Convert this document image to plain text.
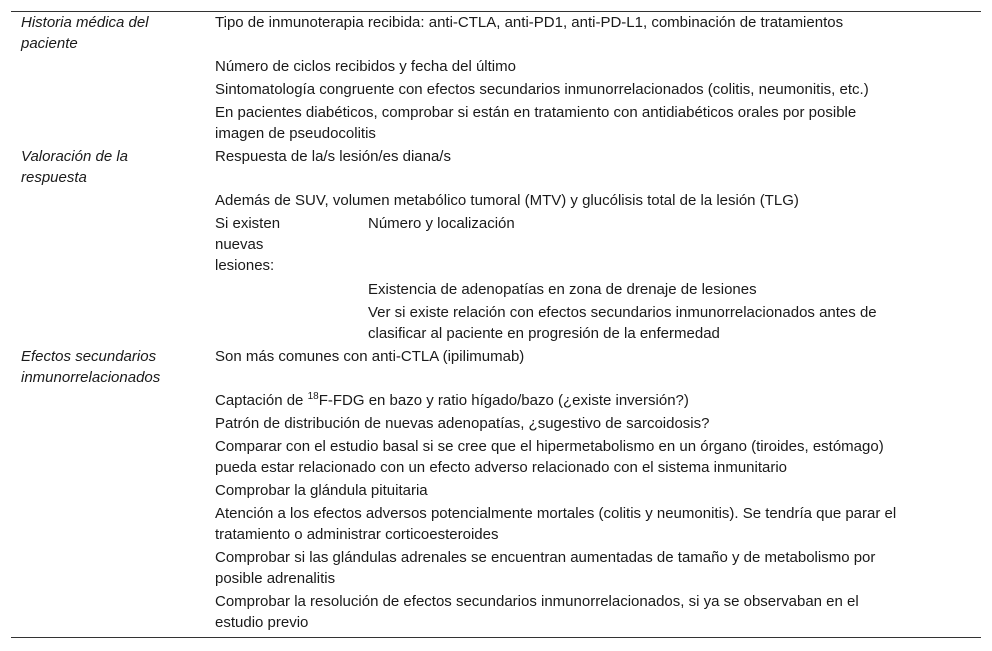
Historia médica del
paciente
Tipo de inmunoterapia recibida: anti-CTLA, anti-PD1, anti-PD-L1, combinación de tratamientos
Número de ciclos recibidos y fecha del último
Sintomatología congruente con efectos secundarios inmunorrelacionados (colitis, neumonitis, etc.)
En pacientes diabéticos, comprobar si están en tratamiento con antidiabéticos orales por posible
imagen de pseudocolitis
Valoración de la
respuesta
Respuesta de la/s lesión/es diana/s
Además de SUV, volumen metabólico tumoral (MTV) y glucólisis total de la lesión (TLG)
Si existen
nuevas
lesiones:
Número y localización
Existencia de adenopatías en zona de drenaje de lesiones
Ver si existe relación con efectos secundarios inmunorrelacionados antes de
clasificar al paciente en progresión de la enfermedad
Efectos secundarios
inmunorrelacionados
Son más comunes con anti-CTLA (ipilimumab)
Captación de $^{18}$F-FDG en bazo y ratio hígado/bazo (¿existe inversión?)
Patrón de distribución de nuevas adenopatías, ¿sugestivo de sarcoidosis?
Comparar con el estudio basal si se cree que el hipermetabolismo en un órgano (tiroides, estómago)
pueda estar relacionado con un efecto adverso relacionado con el sistema inmunitario
Comprobar la glándula pituitaria
Atención a los efectos adversos potencialmente mortales (colitis y neumonitis). Se tendría que parar el
tratamiento o administrar corticoesteroides
Comprobar si las glándulas adrenales se encuentran aumentadas de tamaño y de metabolismo por
posible adrenalitis
Comprobar la resolución de efectos secundarios inmunorrelacionados, si ya se observaban en el
estudio previo
